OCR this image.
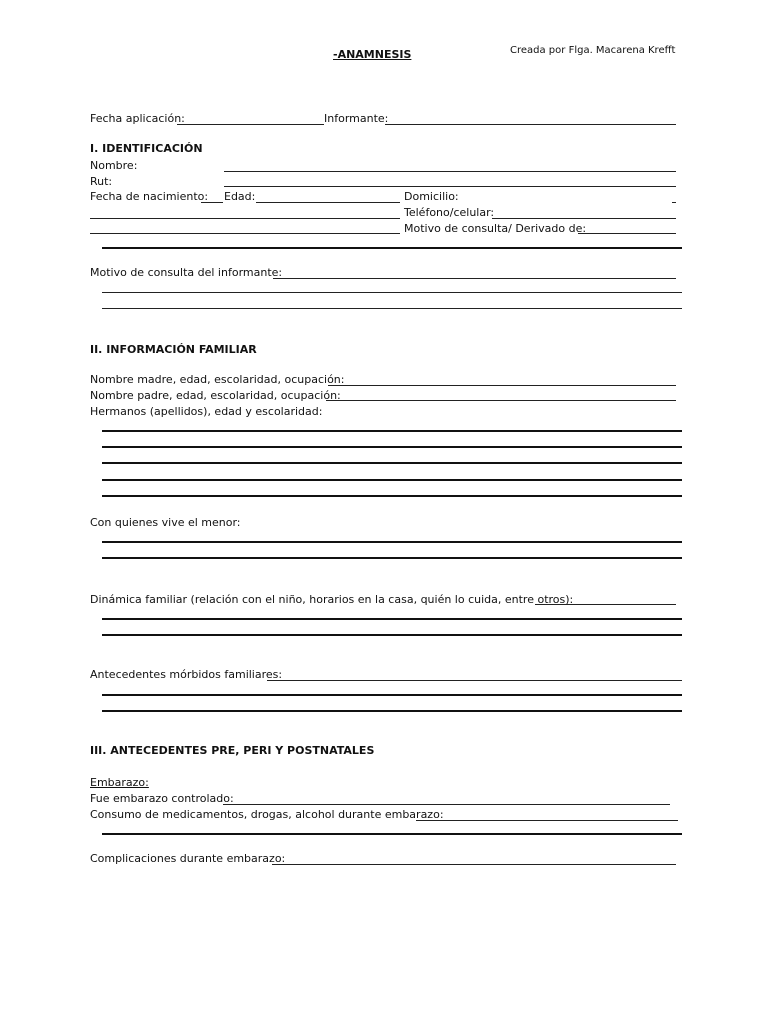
-ANAMNESIS	Creada por Flga. Macarena Krefft
Fecha aplicación:	Informante:
I. IDENTIFICACIÓN
Nombre:
Rut:
Fecha de nacimiento: Edad:	Domicilio:
Teléfono/celular:
Motivo de consulta/ Derivado de:
Motivo de consulta del informante:
II. INFORMACIÓN FAMILIAR
Nombre madre, edad, escolaridad, ocupación:
Nombre padre, edad, escolaridad, ocupación:
Hermanos (apellidos), edad y escolaridad:
Con quienes vive el menor:
Dinámica familiar (relación con el niño, horarios en la casa, quién lo cuida, entre otros):
Antecedentes mórbidos familiares:
III. ANTECEDENTES PRE, PERI Y POSTNATALES
Embarazo:
Fue embarazo controlado:
Consumo de medicamentos, drogas, alcohol durante embarazo:
Complicaciones durante embarazo:
